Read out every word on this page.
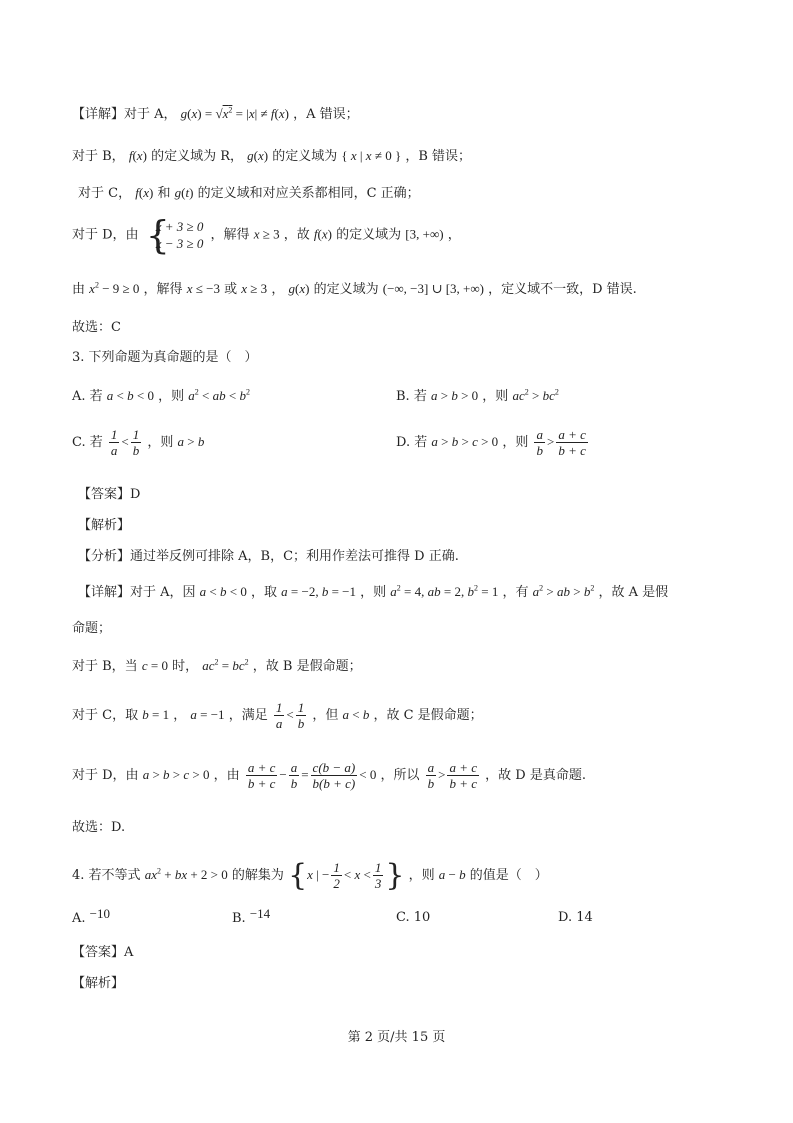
【详解】对于 A， $g(x) = √x^2 = |x| \ne f(x)$ ，A 错误；
对于 B， f(x) 的定义域为 R， g(x) 的定义域为 { x | x ≠ 0 } ，B 错误；
对于 C， f(x) 和 g(t) 的定义域和对应关系都相同，C 正确；
对于 D，由 {
x + 3 ≥ 0
x − 3 ≥ 0
，解得 x ≥ 3 ，故 f(x) 的定义域为 [3, +∞) ，
由 $x^2 - 9 \ge 0$ ，解得 x ≤ −3 或 x ≥ 3 ， g(x) 的定义域为 (−∞, −3] ∪ [3, +∞) ，定义域不一致，D 错误.
故选：C
3. 下列命题为真命题的是（　）
A. 若 a < b < 0 ，则 $a^2$ < ab < $b^2$	B. 若 a > b > 0 ，则 $ac^2 > bc^2$
C. 若 $\frac{1}{a} < \frac{1}{b}$ ，则 a > b	D. 若 a > b > c > 0 ，则 $\frac{a}{b} > \frac{a + c}{b + c}$
【答案】D
【解析】
【分析】通过举反例可排除 A，B，C；利用作差法可推得 D 正确.
【详解】对于 A，因 a < b < 0 ，取 a = −2, b = −1 ，则 $a^2 = 4$, ab = 2, $b^2 = 1$ ，有 $a^2$ > ab > $b^2$ ，故 A 是假
命题；
对于 B，当 c = 0 时， $ac^2 = bc^2$ ，故 B 是假命题；
对于 C，取 b = 1 ， a = −1 ，满足 $\frac{1}{a} < \frac{1}{b}$ ，但 a < b ，故 C 是假命题；
对于 D，由 a > b > c > 0 ，由 $\frac{a + c}{b + c} - \frac{a}{b} = \frac{c(b - a)}{b(b + c)} < 0$ ，所以 $\frac{a}{b} > \frac{a + c}{b + c}$ ，故 D 是真命题.
故选：D.
4. 若不等式 $ax^2$ + bx + 2 > 0 的解集为 {x | − $\frac{1}{2} < x < \frac{1}{3}$ } ，则 a − b 的值是（　）
A. −10	B. −14	C. 10	D. 14
【答案】A
【解析】
第 2 页/共 15 页
